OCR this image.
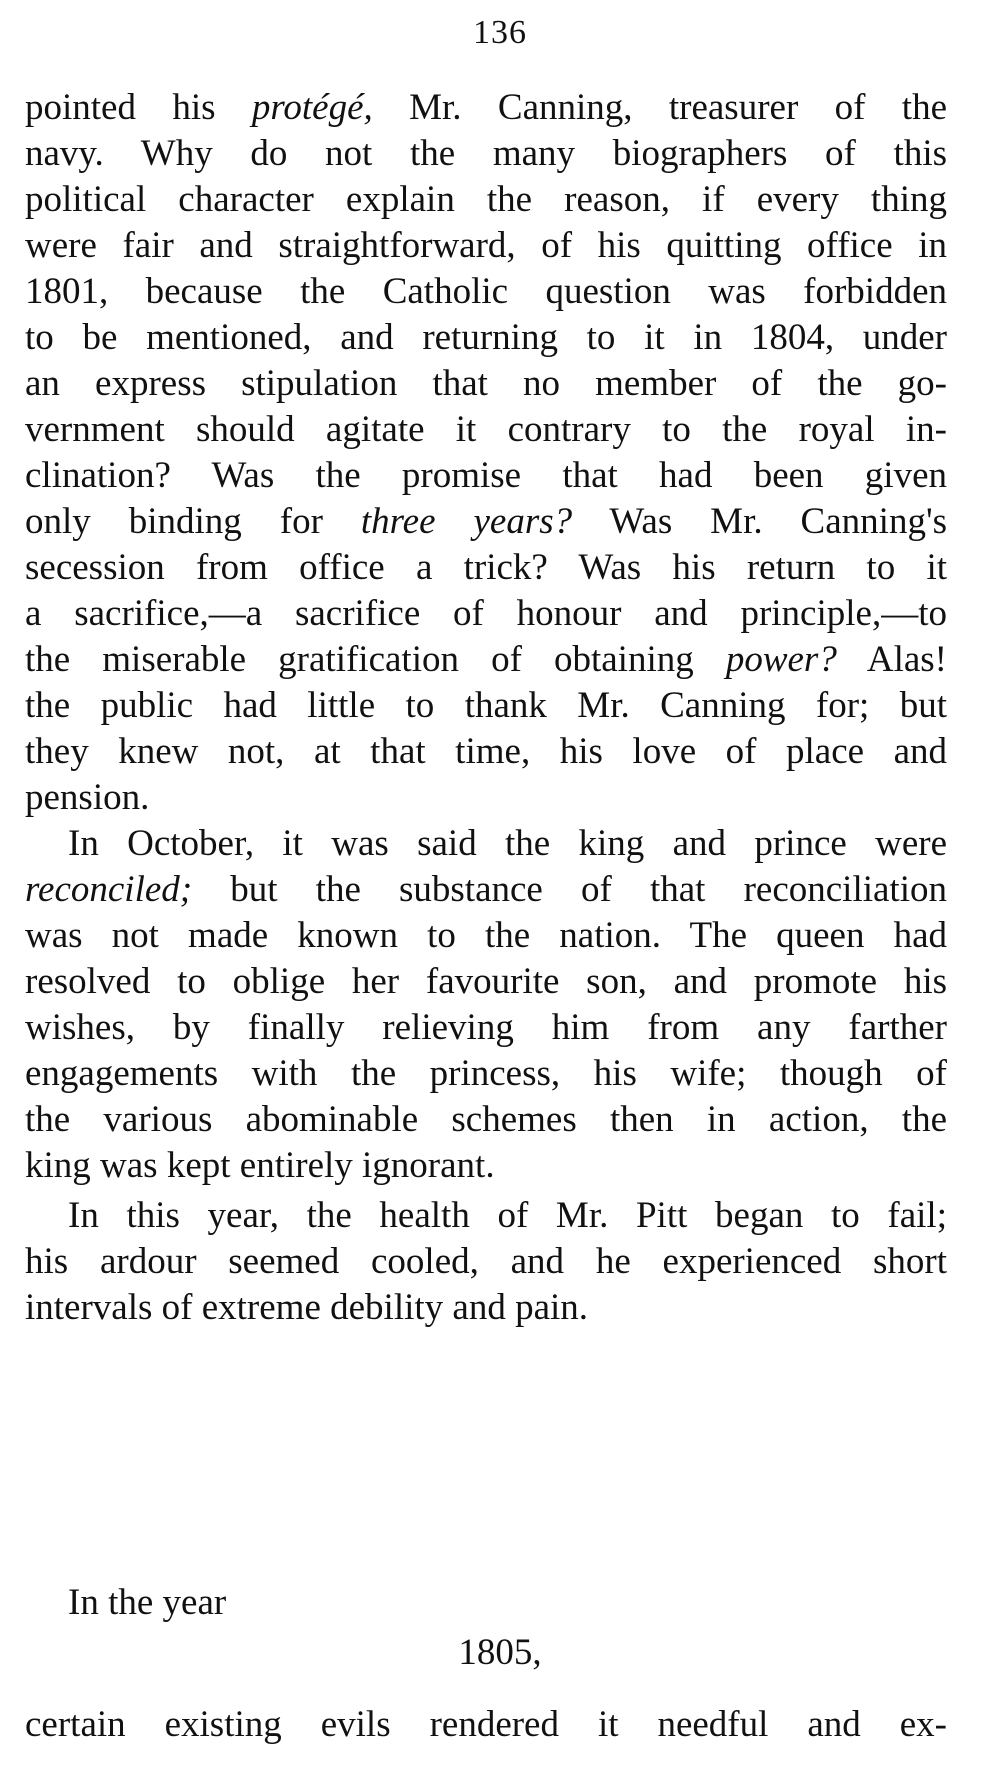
136
pointed his protégé, Mr. Canning, treasurer of the
navy. Why do not the many biographers of this
political character explain the reason, if every thing
were fair and straightforward, of his quitting office in
1801, because the Catholic question was forbidden
to be mentioned, and returning to it in 1804, under
an express stipulation that no member of the go-
vernment should agitate it contrary to the royal in-
clination? Was the promise that had been given
only binding for three years? Was Mr. Canning's
secession from office a trick? Was his return to it
a sacrifice,—a sacrifice of honour and principle,—to
the miserable gratification of obtaining power? Alas!
the public had little to thank Mr. Canning for; but
they knew not, at that time, his love of place and
pension.
In October, it was said the king and prince were
reconciled; but the substance of that reconciliation
was not made known to the nation. The queen had
resolved to oblige her favourite son, and promote his
wishes, by finally relieving him from any farther
engagements with the princess, his wife; though of
the various abominable schemes then in action, the
king was kept entirely ignorant.
In this year, the health of Mr. Pitt began to fail;
his ardour seemed cooled, and he experienced short
intervals of extreme debility and pain.
In the year
1805,
certain existing evils rendered it needful and ex-
